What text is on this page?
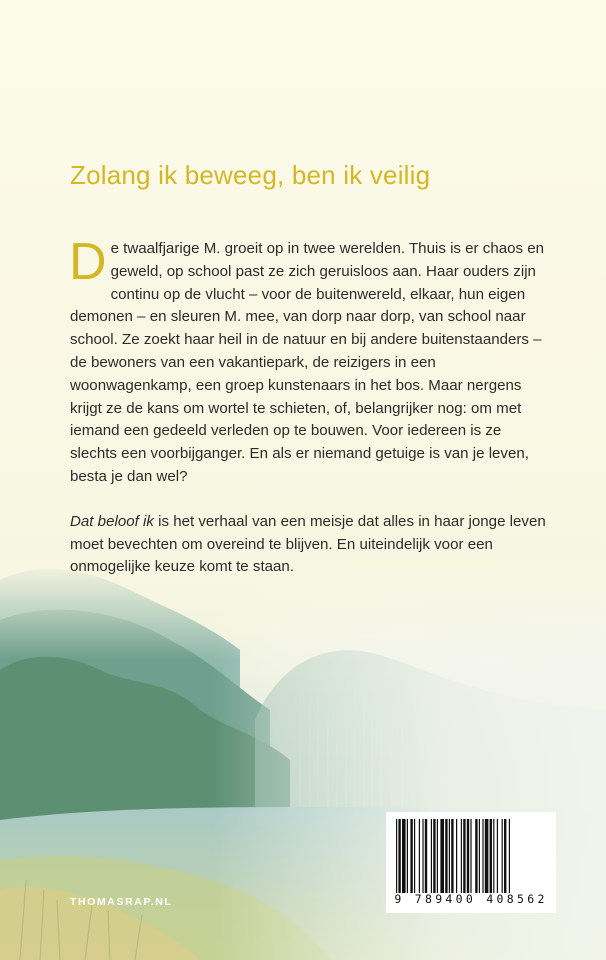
Zolang ik beweeg, ben ik veilig

De twaalfjarige M. groeit op in twee werelden. Thuis is er chaos en geweld, op school past ze zich geruisloos aan. Haar ouders zijn continu op de vlucht – voor de buitenwereld, elkaar, hun eigen demonen – en sleuren M. mee, van dorp naar dorp, van school naar school. Ze zoekt haar heil in de natuur en bij andere buitenstaanders – de bewoners van een vakantiepark, de reizigers in een woonwagenkamp, een groep kunstenaars in het bos. Maar nergens krijgt ze de kans om wortel te schieten, of, belangrijker nog: om met iemand een gedeeld verleden op te bouwen. Voor iedereen is ze slechts een voorbijganger. En als er niemand getuige is van je leven, besta je dan wel?

Dat beloof ik is het verhaal van een meisje dat alles in haar jonge leven moet bevechten om overeind te blijven. En uiteindelijk voor een onmogelijke keuze komt te staan.

THOMASRAP.NL	9 789400 408562
